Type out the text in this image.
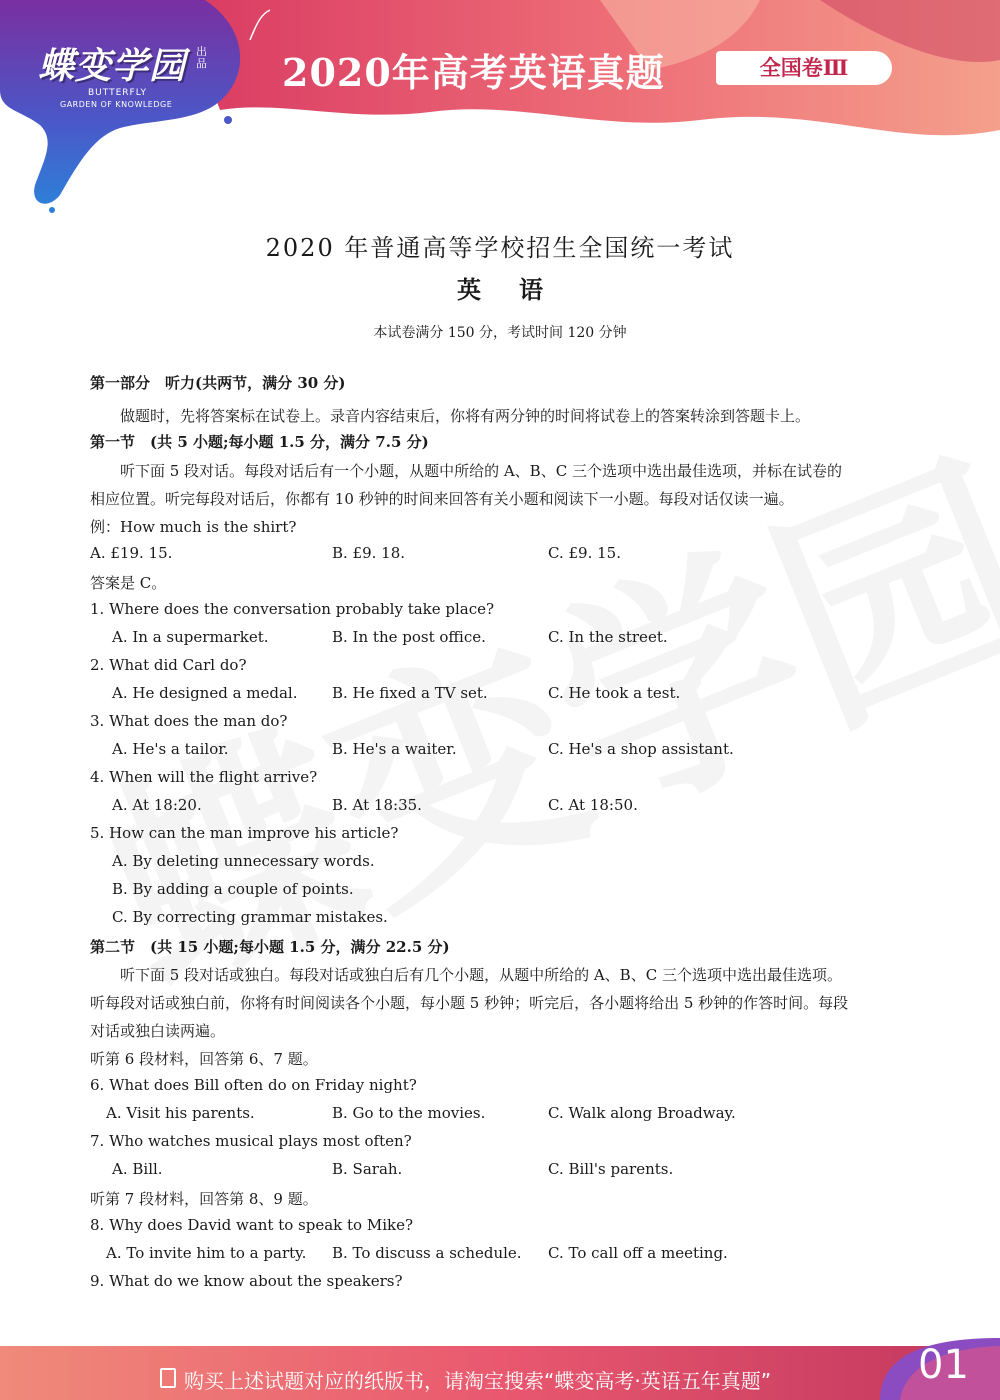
蝶变学园 出品
BUTTERFLY
GARDEN OF KNOWLEDGE
2020年高考英语真题	全国卷Ⅲ
2020 年普通高等学校招生全国统一考试
英语
本试卷满分 150 分，考试时间 120 分钟
第一部分　听力(共两节，满分 30 分)
做题时，先将答案标在试卷上。录音内容结束后，你将有两分钟的时间将试卷上的答案转涂到答题卡上。
第一节　(共 5 小题;每小题 1.5 分，满分 7.5 分)
听下面 5 段对话。每段对话后有一个小题，从题中所给的 A、B、C 三个选项中选出最佳选项，并标在试卷的
相应位置。听完每段对话后，你都有 10 秒钟的时间来回答有关小题和阅读下一小题。每段对话仅读一遍。
例：How much is the shirt?
A. £19. 15.	B. £9. 18.	C. £9. 15.
答案是 C。
1. Where does the conversation probably take place?
A. In a supermarket.	B. In the post office.	C. In the street.
2. What did Carl do?
A. He designed a medal. B. He fixed a TV set.	C. He took a test.
3. What does the man do?
A. He's a tailor.	B. He's a waiter.	C. He's a shop assistant.
4. When will the flight arrive?
A. At 18:20.	B. At 18:35.	C. At 18:50.
5. How can the man improve his article?
A. By deleting unnecessary words.
B. By adding a couple of points.
C. By correcting grammar mistakes.
第二节　(共 15 小题;每小题 1.5 分，满分 22.5 分)
听下面 5 段对话或独白。每段对话或独白后有几个小题，从题中所给的 A、B、C 三个选项中选出最佳选项。
听每段对话或独白前，你将有时间阅读各个小题，每小题 5 秒钟；听完后，各小题将给出 5 秒钟的作答时间。每段
对话或独白读两遍。
听第 6 段材料，回答第 6、7 题。
6. What does Bill often do on Friday night?
A. Visit his parents.	B. Go to the movies.	C. Walk along Broadway.
7. Who watches musical plays most often?
A. Bill.	B. Sarah.	C. Bill's parents.
听第 7 段材料，回答第 8、9 题。
8. Why does David want to speak to Mike?
A. To invite him to a party. B. To discuss a schedule. C. To call off a meeting.
9. What do we know about the speakers?
购买上述试题对应的纸版书，请淘宝搜索“蝶变高考·英语五年真题”	01
